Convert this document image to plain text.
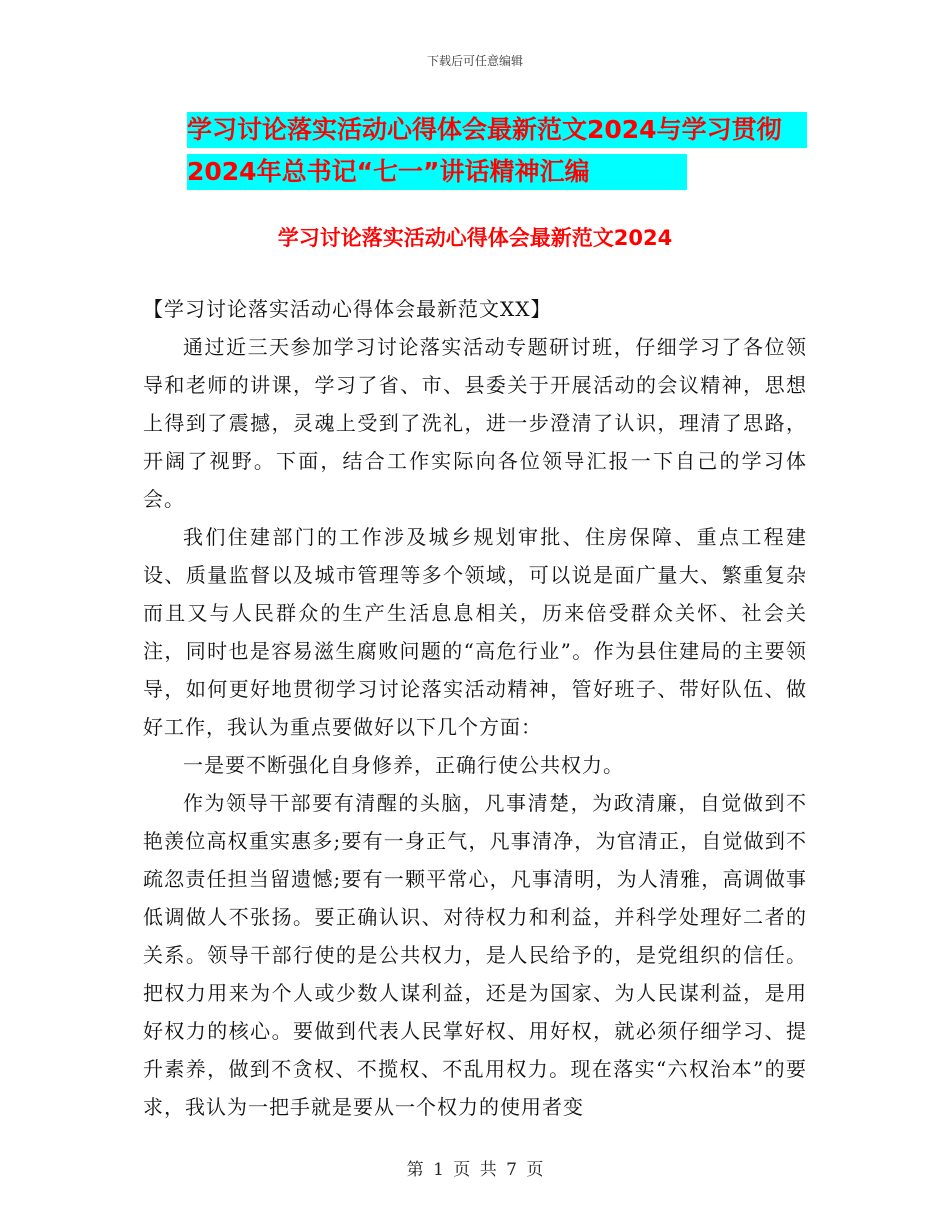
下载后可任意编辑
学习讨论落实活动心得体会最新范文2024与学习贯彻
2024年总书记“七一”讲话精神汇编
学习讨论落实活动心得体会最新范文2024

【学习讨论落实活动心得体会最新范文XX】

通过近三天参加学习讨论落实活动专题研讨班，仔细学习了各位领导和老师的讲课，学习了省、市、县委关于开展活动的会议精神，思想上得到了震撼，灵魂上受到了洗礼，进一步澄清了认识，理清了思路，开阔了视野。下面，结合工作实际向各位领导汇报一下自己的学习体会。

我们住建部门的工作涉及城乡规划审批、住房保障、重点工程建设、质量监督以及城市管理等多个领域，可以说是面广量大、繁重复杂而且又与人民群众的生产生活息息相关，历来倍受群众关怀、社会关注，同时也是容易滋生腐败问题的“高危行业”。作为县住建局的主要领导，如何更好地贯彻学习讨论落实活动精神，管好班子、带好队伍、做好工作，我认为重点要做好以下几个方面：

一是要不断强化自身修养，正确行使公共权力。

作为领导干部要有清醒的头脑，凡事清楚，为政清廉，自觉做到不艳羡位高权重实惠多;要有一身正气，凡事清净，为官清正，自觉做到不疏忽责任担当留遗憾;要有一颗平常心，凡事清明，为人清雅，高调做事低调做人不张扬。要正确认识、对待权力和利益，并科学处理好二者的关系。领导干部行使的是公共权力，是人民给予的，是党组织的信任。把权力用来为个人或少数人谋利益，还是为国家、为人民谋利益，是用好权力的核心。要做到代表人民掌好权、用好权，就必须仔细学习、提升素养，做到不贪权、不揽权、不乱用权力。现在落实“六权治本”的要求，我认为一把手就是要从一个权力的使用者变

第 1 页 共 7 页
